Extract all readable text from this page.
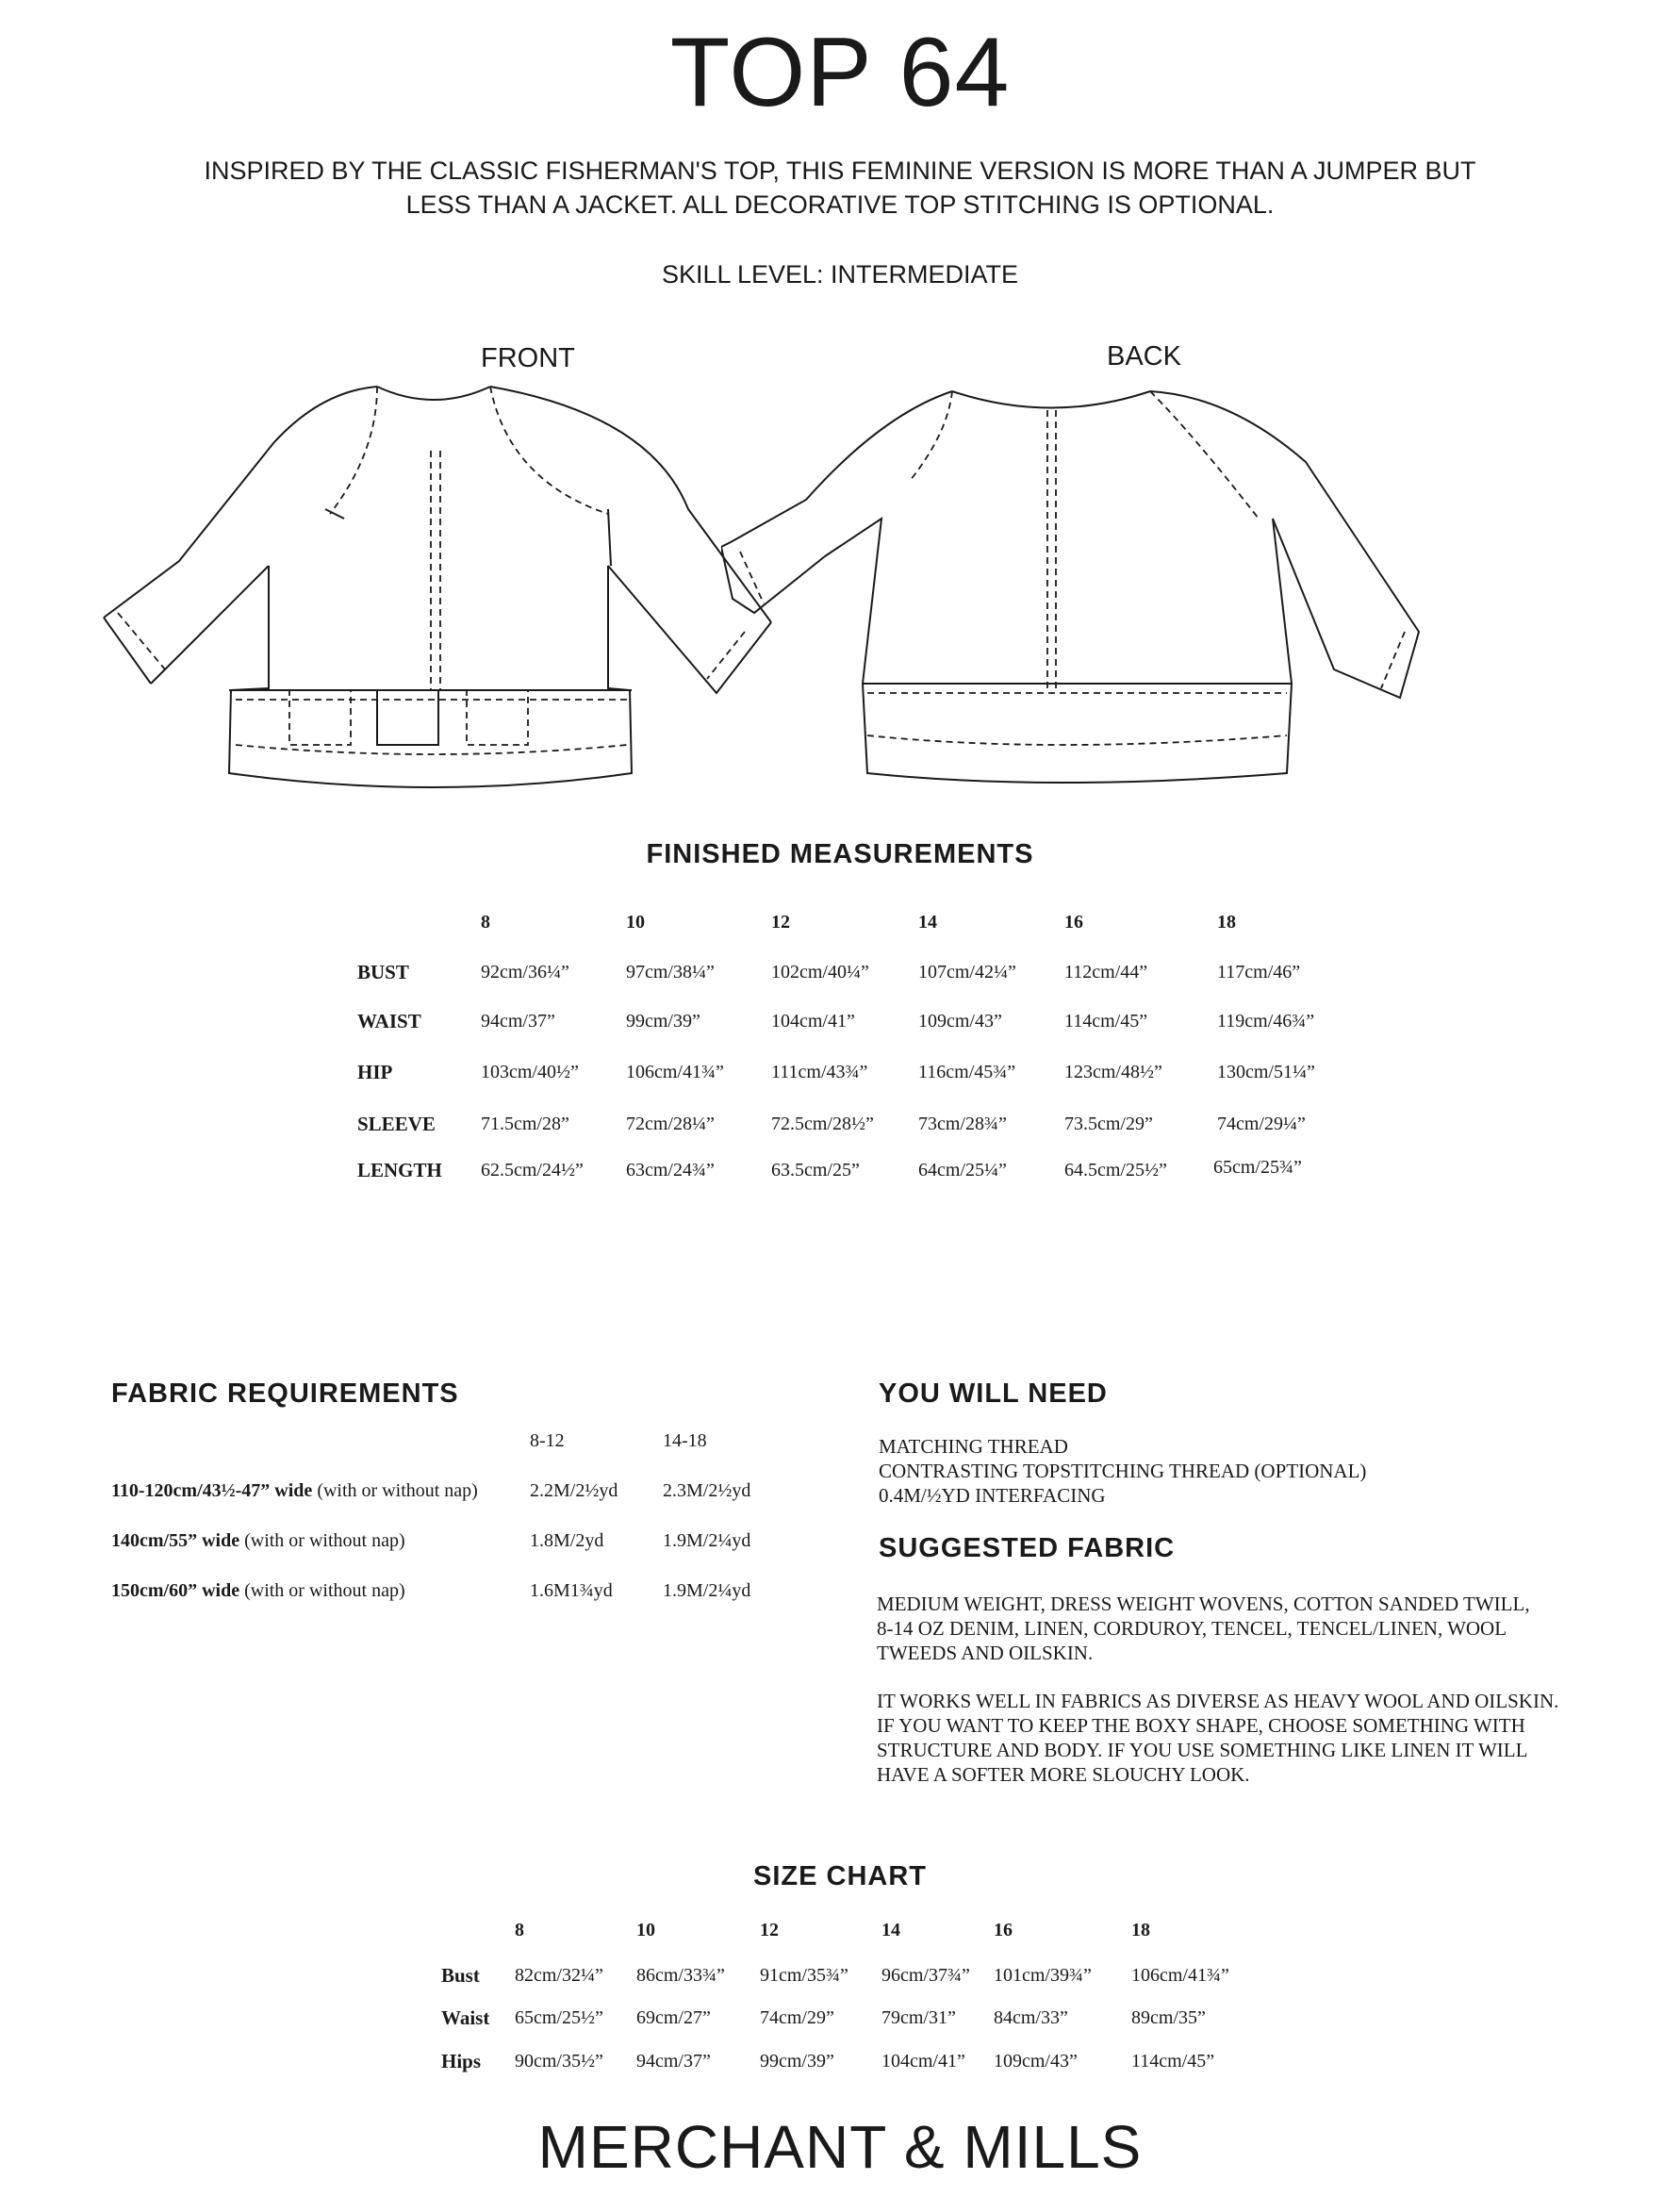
TOP 64
INSPIRED BY THE CLASSIC FISHERMAN'S TOP, THIS FEMININE VERSION IS MORE THAN A JUMPER BUT
LESS THAN A JACKET. ALL DECORATIVE TOP STITCHING IS OPTIONAL.
SKILL LEVEL: INTERMEDIATE
FRONT	BACK
FINISHED MEASUREMENTS
8	10	12	14	16	18
BUST	92cm/36¼”	97cm/38¼”	102cm/40¼”	107cm/42¼”	112cm/44”	117cm/46”
WAIST	94cm/37”	99cm/39”	104cm/41”	109cm/43”	114cm/45”	119cm/46¾”
HIP	103cm/40½”	106cm/41¾”	111cm/43¾”	116cm/45¾”	123cm/48½”	130cm/51¼”
SLEEVE 71.5cm/28”	72cm/28¼”	72.5cm/28½” 73cm/28¾”	73.5cm/29”	74cm/29¼”
LENGTH 62.5cm/24½” 63cm/24¾”	63.5cm/25”	64cm/25¼”	64.5cm/25½” 65cm/25¾”
FABRIC REQUIREMENTS
8-12	14-18
110-120cm/43½-47” wide (with or without nap)	2.2M/2½yd 2.3M/2½yd
140cm/55” wide (with or without nap)	1.8M/2yd	1.9M/2¼yd
150cm/60” wide (with or without nap)	1.6M1¾yd	1.9M/2¼yd
YOU WILL NEED
MATCHING THREAD
CONTRASTING TOPSTITCHING THREAD (OPTIONAL)
0.4M/½YD INTERFACING
SUGGESTED FABRIC
MEDIUM WEIGHT, DRESS WEIGHT WOVENS, COTTON SANDED TWILL,
8-14 OZ DENIM, LINEN, CORDUROY, TENCEL, TENCEL/LINEN, WOOL
TWEEDS AND OILSKIN.
IT WORKS WELL IN FABRICS AS DIVERSE AS HEAVY WOOL AND OILSKIN.
IF YOU WANT TO KEEP THE BOXY SHAPE, CHOOSE SOMETHING WITH
STRUCTURE AND BODY. IF YOU USE SOMETHING LIKE LINEN IT WILL
HAVE A SOFTER MORE SLOUCHY LOOK.
SIZE CHART
8	10	12	14	16	18
Bust 82cm/32¼” 86cm/33¾” 91cm/35¾” 96cm/37¾” 101cm/39¾” 106cm/41¾”
Waist 65cm/25½” 69cm/27”	74cm/29”	79cm/31” 84cm/33”	89cm/35”
Hips 90cm/35½” 94cm/37”	99cm/39”	104cm/41” 109cm/43”	114cm/45”
MERCHANT & MILLS
